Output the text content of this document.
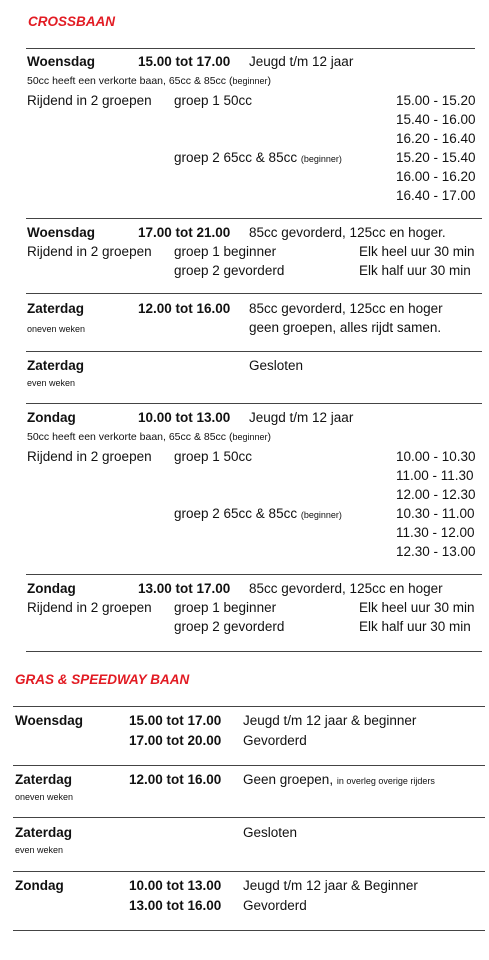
CROSSBAAN
Woensdag	15.00 tot 17.00 Jeugd t/m 12 jaar
50cc heeft een verkorte baan, 65cc & 85cc (beginner)
Rijdend in 2 groepen groep 1 50cc	15.00 - 15.20
15.40 - 16.00
16.20 - 16.40
groep 2 65cc & 85cc (beginner)	15.20 - 15.40
16.00 - 16.20
16.40 - 17.00
Woensdag	17.00 tot 21.00 85cc gevorderd, 125cc en hoger.
Rijdend in 2 groepen groep 1 beginner	Elk heel uur 30 min
groep 2 gevorderd	Elk half uur 30 min
Zaterdag
oneven weken
12.00 tot 16.00 85cc gevorderd, 125cc en hoger
geen groepen, alles rijdt samen.
Zaterdag
even weken
Gesloten
Zondag	10.00 tot 13.00 Jeugd t/m 12 jaar
50cc heeft een verkorte baan, 65cc & 85cc (beginner)
Rijdend in 2 groepen groep 1 50cc	10.00 - 10.30
11.00 - 11.30
12.00 - 12.30
groep 2 65cc & 85cc (beginner)	10.30 - 11.00
11.30 - 12.00
12.30 - 13.00
Zondag	13.00 tot 17.00 85cc gevorderd, 125cc en hoger
Rijdend in 2 groepen groep 1 beginner	Elk heel uur 30 min
groep 2 gevorderd	Elk half uur 30 min
GRAS & SPEEDWAY BAAN
Woensdag	15.00 tot 17.00 Jeugd t/m 12 jaar & beginner
17.00 tot 20.00 Gevorderd
Zaterdag
oneven weken
12.00 tot 16.00 Geen groepen, in overleg overige rijders
Zaterdag
even weken
Gesloten
Zondag	10.00 tot 13.00 Jeugd t/m 12 jaar & Beginner
13.00 tot 16.00 Gevorderd
